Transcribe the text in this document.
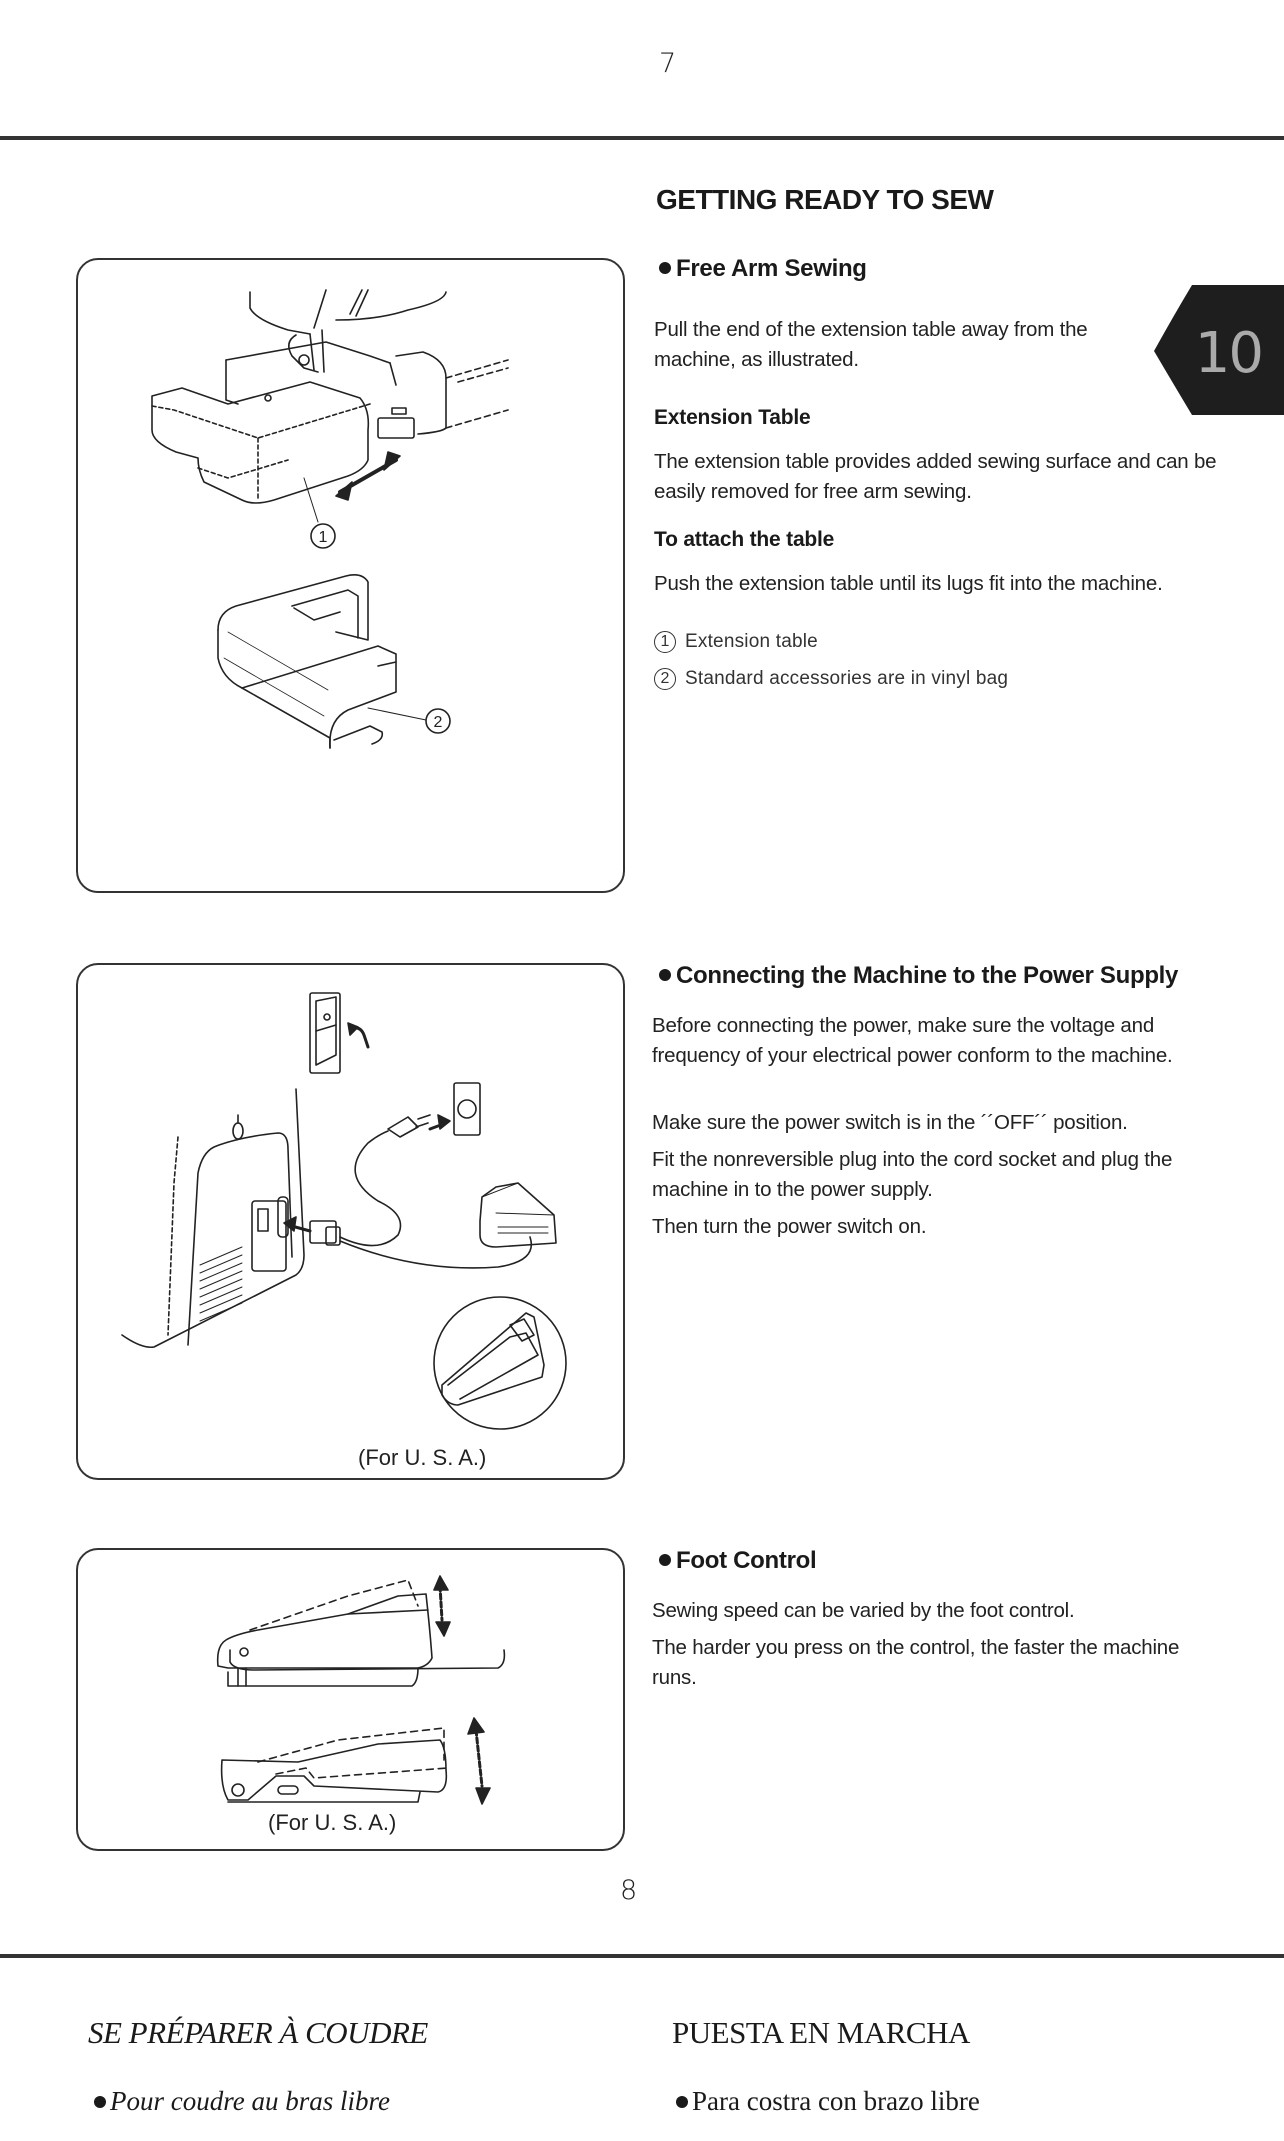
7
GETTING READY TO SEW
10
1
2

Free Arm Sewing

Pull the end of the extension table away from the machine, as illustrated.

Extension Table

The extension table provides added sewing surface and can be easily removed for free arm sewing.

To attach the table

Push the extension table until its lugs fit into the machine.

1 Extension table
2 Standard accessories are in vinyl bag
(For U. S. A.)

Connecting the Machine to the Power Supply

Before connecting the power, make sure the voltage and frequency of your electrical power conform to the machine.

Make sure the power switch is in the ´´OFF´´ position.

Fit the nonreversible plug into the cord socket and plug the machine in to the power supply.

Then turn the power switch on.

(For U. S. A.)

Foot Control

Sewing speed can be varied by the foot control.

The harder you press on the control, the faster the machine runs.

8
SE PRÉPARER À COUDRE	PUESTA EN MARCHA
Pour coudre au bras libre	Para costra con brazo libre
